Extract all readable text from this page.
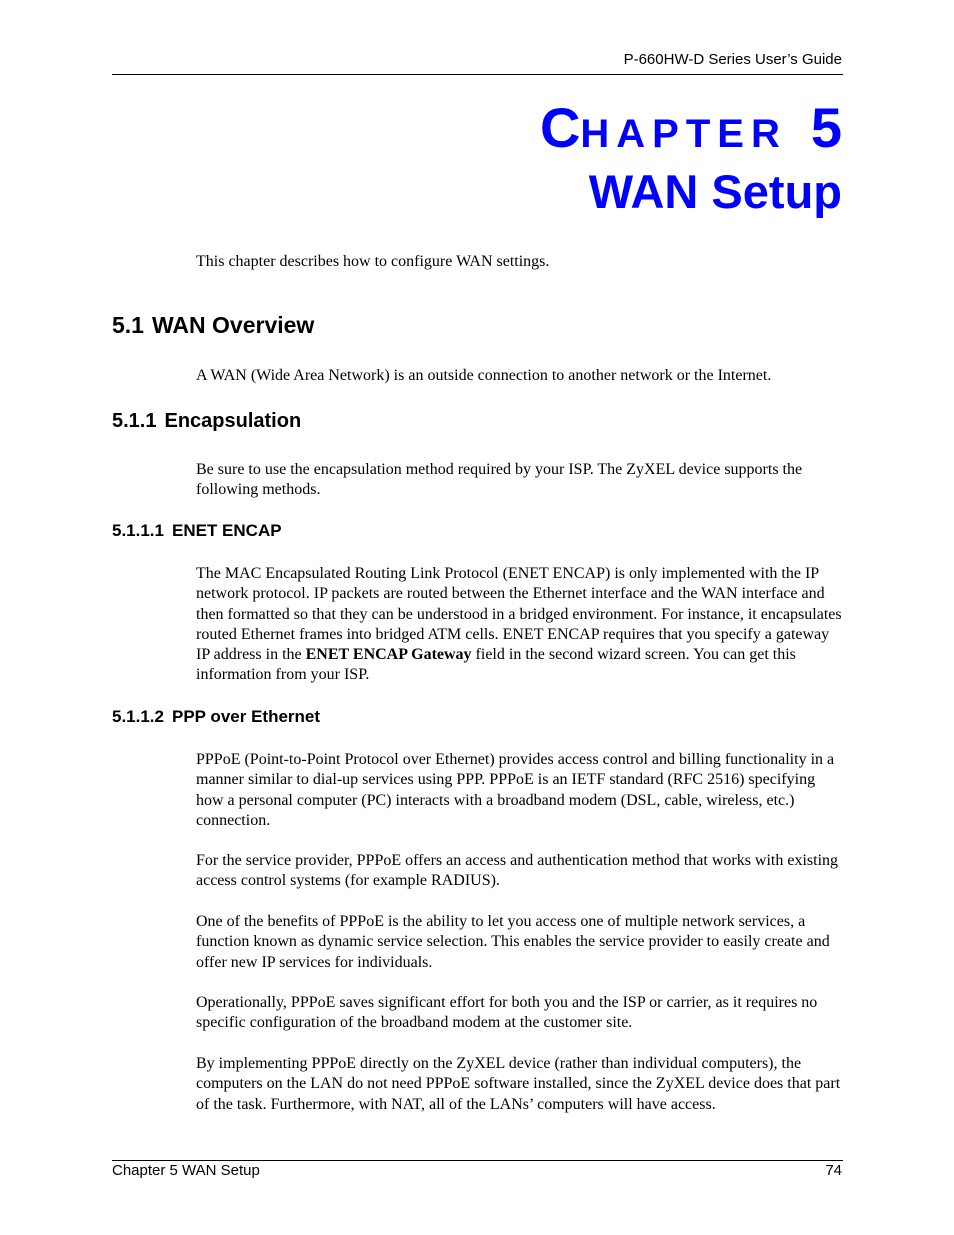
P-660HW-D Series User’s Guide
CHAPTER 5
WAN Setup

This chapter describes how to configure WAN settings.

5.1 WAN Overview

A WAN (Wide Area Network) is an outside connection to another network or the Internet.

5.1.1 Encapsulation

Be sure to use the encapsulation method required by your ISP. The ZyXEL device supports the following methods.

5.1.1.1 ENET ENCAP

The MAC Encapsulated Routing Link Protocol (ENET ENCAP) is only implemented with the IP network protocol. IP packets are routed between the Ethernet interface and the WAN interface and then formatted so that they can be understood in a bridged environment. For instance, it encapsulates routed Ethernet frames into bridged ATM cells. ENET ENCAP requires that you specify a gateway IP address in the ENET ENCAP Gateway field in the second wizard screen. You can get this information from your ISP.

5.1.1.2 PPP over Ethernet

PPPoE (Point-to-Point Protocol over Ethernet) provides access control and billing functionality in a manner similar to dial-up services using PPP. PPPoE is an IETF standard (RFC 2516) specifying how a personal computer (PC) interacts with a broadband modem (DSL, cable, wireless, etc.) connection.

For the service provider, PPPoE offers an access and authentication method that works with existing access control systems (for example RADIUS).

One of the benefits of PPPoE is the ability to let you access one of multiple network services, a function known as dynamic service selection. This enables the service provider to easily create and offer new IP services for individuals.

Operationally, PPPoE saves significant effort for both you and the ISP or carrier, as it requires no specific configuration of the broadband modem at the customer site.

By implementing PPPoE directly on the ZyXEL device (rather than individual computers), the computers on the LAN do not need PPPoE software installed, since the ZyXEL device does that part of the task. Furthermore, with NAT, all of the LANs’ computers will have access.

Chapter 5 WAN Setup	74
